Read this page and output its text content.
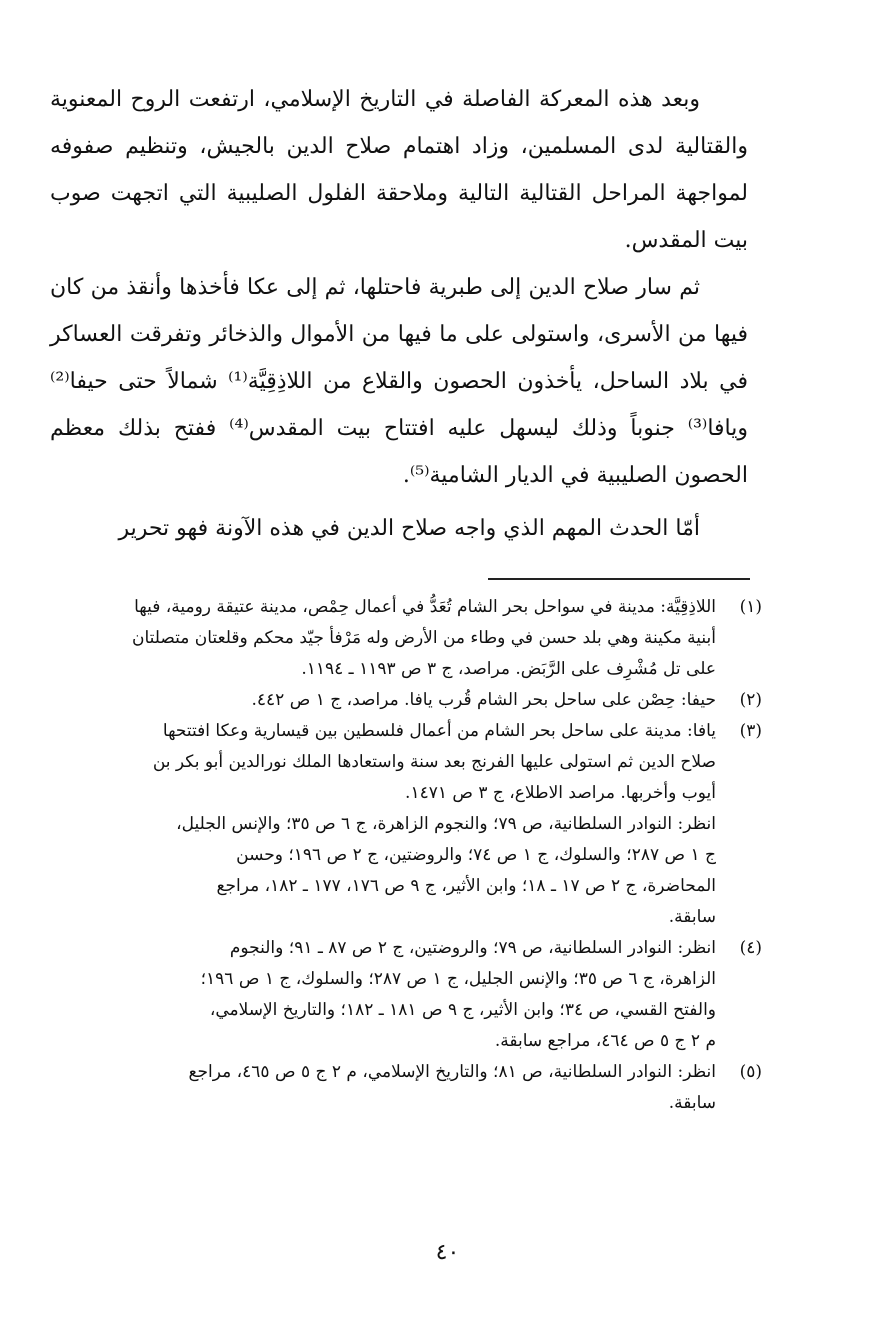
وبعد هذه المعركة الفاصلة في التاريخ الإسلامي، ارتفعت الروح المعنوية والقتالية لدى المسلمين، وزاد اهتمام صلاح الدين بالجيش، وتنظيم صفوفه لمواجهة المراحل القتالية التالية وملاحقة الفلول الصليبية التي اتجهت صوب بيت المقدس.

ثم سار صلاح الدين إلى طبرية فاحتلها، ثم إلى عكا فأخذها وأنقذ من كان فيها من الأسرى، واستولى على ما فيها من الأموال والذخائر وتفرقت العساكر في بلاد الساحل، يأخذون الحصون والقلاع من اللاذِقِيَّة⁽¹⁾ شمالاً حتى حيفا⁽²⁾ ويافا⁽³⁾ جنوباً وذلك ليسهل عليه افتتاح بيت المقدس⁽⁴⁾ ففتح بذلك معظم الحصون الصليبية في الديار الشامية⁽⁵⁾.

أمّا الحدث المهم الذي واجه صلاح الدين في هذه الآونة فهو تحرير

(١)
اللاذِقِيَّة: مدينة في سواحل بحر الشام تُعَدُّ في أعمال حِمْص، مدينة عتيقة رومية، فيها
أبنية مكينة وهي بلد حسن في وطاء من الأرض وله مَرْفأ جيّد محكم وقلعتان متصلتان
على تل مُشْرِف على الرَّبَض. مراصد، ج ٣ ص ١١٩٣ ـ ١١٩٤.
(٢)
حيفا: حِصْن على ساحل بحر الشام قُرب يافا. مراصد، ج ١ ص ٤٤٢.
(٣)
يافا: مدينة على ساحل بحر الشام من أعمال فلسطين بين قيسارية وعكا افتتحها
صلاح الدين ثم استولى عليها الفرنج بعد سنة واستعادها الملك نورالدين أبو بكر بن
أيوب وأخربها. مراصد الاطلاع، ج ٣ ص ١٤٧١.
انظر: النوادر السلطانية، ص ٧٩؛ والنجوم الزاهرة، ج ٦ ص ٣٥؛ والإنس الجليل،
ج ١ ص ٢٨٧؛ والسلوك، ج ١ ص ٧٤؛ والروضتين، ج ٢ ص ١٩٦؛ وحسن
المحاضرة، ج ٢ ص ١٧ ـ ١٨؛ وابن الأثير، ج ٩ ص ١٧٦، ١٧٧ ـ ١٨٢، مراجع
سابقة.
(٤)
انظر: النوادر السلطانية، ص ٧٩؛ والروضتين، ج ٢ ص ٨٧ ـ ٩١؛ والنجوم
الزاهرة، ج ٦ ص ٣٥؛ والإنس الجليل، ج ١ ص ٢٨٧؛ والسلوك، ج ١ ص ١٩٦؛
والفتح القسي، ص ٣٤؛ وابن الأثير، ج ٩ ص ١٨١ ـ ١٨٢؛ والتاريخ الإسلامي،
م ٢ ج ٥ ص ٤٦٤، مراجع سابقة.
(٥)
انظر: النوادر السلطانية، ص ٨١؛ والتاريخ الإسلامي، م ٢ ج ٥ ص ٤٦٥، مراجع
سابقة.
٤٠
